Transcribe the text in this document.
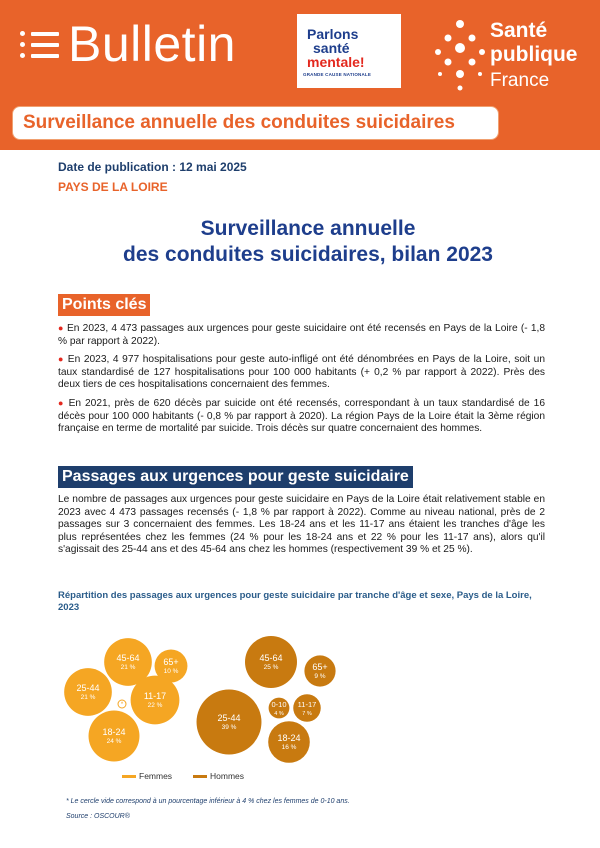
Bulletin	Parlons
santé
mentale!
GRANDE CAUSE NATIONALE
Santé
publique
France
Surveillance annuelle des conduites suicidaires
Date de publication : 12 mai 2025
PAYS DE LA LOIRE
Surveillance annuelle
des conduites suicidaires, bilan 2023
Points clés
● En 2023, 4 473 passages aux urgences pour geste suicidaire ont été recensés en Pays de la Loire (- 1,8 % par rapport à 2022).
● En 2023, 4 977 hospitalisations pour geste auto-infligé ont été dénombrées en Pays de la Loire, soit un taux standardisé de 127 hospitalisations pour 100 000 habitants (+ 0,2 % par rapport à 2022). Près des deux tiers de ces hospitalisations concernaient des femmes.
● En 2021, près de 620 décès par suicide ont été recensés, correspondant à un taux standardisé de 16 décès pour 100 000 habitants (- 0,8 % par rapport à 2020). La région Pays de la Loire était la 3ème région française en terme de mortalité par suicide. Trois décès sur quatre concernaient des hommes.
Passages aux urgences pour geste suicidaire
Le nombre de passages aux urgences pour geste suicidaire en Pays de la Loire était relativement stable en 2023 avec 4 473 passages recensés (- 1,8 % par rapport à 2022). Comme au niveau national, près de 2 passages sur 3 concernaient des femmes. Les 18-24 ans et les 11-17 ans étaient les tranches d'âge les plus représentées chez les femmes (24 % pour les 18-24 ans et 22 % pour les 11-17 ans), alors qu'il s'agissait des 25-44 ans et des 45-64 ans chez les hommes (respectivement 39 % et 25 %).
Répartition des passages aux urgences pour geste suicidaire par tranche d'âge et sexe, Pays de la Loire, 2023
45-64
21 %
65+
10 %
25-44
21 %
*
11-17
22 %
18-24
24 %
45-64
25 %	65+
9 %
25-44
39 %
0-10
4 %
11-17
7 %
18-24
16 %
Femmes	Hommes
* Le cercle vide correspond à un pourcentage inférieur à 4 % chez les femmes de 0-10 ans.
Source : OSCOUR®
